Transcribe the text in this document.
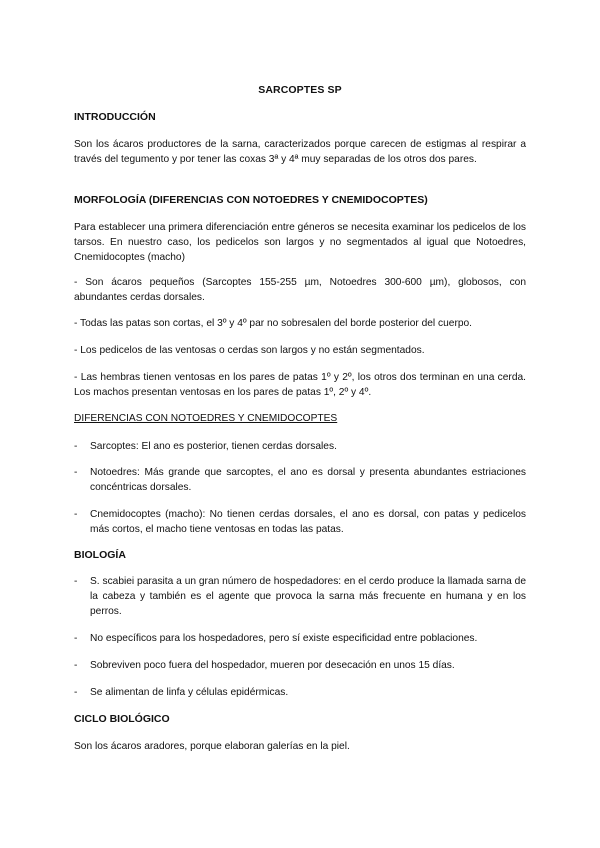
SARCOPTES SP
INTRODUCCIÓN
Son los ácaros productores de la sarna, caracterizados porque carecen de estigmas al respirar a través del tegumento y por tener las coxas 3ª y 4ª muy separadas de los otros dos pares.
MORFOLOGÍA (DIFERENCIAS CON NOTOEDRES Y CNEMIDOCOPTES)
Para establecer una primera diferenciación entre géneros se necesita examinar los pedicelos de los tarsos. En nuestro caso, los pedicelos son largos y no segmentados al igual que Notoedres, Cnemidocoptes (macho)
- Son ácaros pequeños (Sarcoptes 155-255 µm, Notoedres 300-600 µm), globosos, con abundantes cerdas dorsales.
- Todas las patas son cortas, el 3º y 4º par no sobresalen del borde posterior del cuerpo.
- Los pedicelos de las ventosas o cerdas son largos y no están segmentados.
- Las hembras tienen ventosas en los pares de patas 1º y 2º, los otros dos terminan en una cerda. Los machos presentan ventosas en los pares de patas 1º, 2º y 4º.
DIFERENCIAS CON NOTOEDRES Y CNEMIDOCOPTES
- Sarcoptes: El ano es posterior, tienen cerdas dorsales.
- Notoedres: Más grande que sarcoptes, el ano es dorsal y presenta abundantes estriaciones concéntricas dorsales.
- Cnemidocoptes (macho): No tienen cerdas dorsales, el ano es dorsal, con patas y pedicelos más cortos, el macho tiene ventosas en todas las patas.
BIOLOGÍA
- S. scabiei parasita a un gran número de hospedadores: en el cerdo produce la llamada sarna de la cabeza y también es el agente que provoca la sarna más frecuente en humana y en los perros.
- No específicos para los hospedadores, pero sí existe especificidad entre poblaciones.
- Sobreviven poco fuera del hospedador, mueren por desecación en unos 15 días.
- Se alimentan de linfa y células epidérmicas.
CICLO BIOLÓGICO
Son los ácaros aradores, porque elaboran galerías en la piel.
